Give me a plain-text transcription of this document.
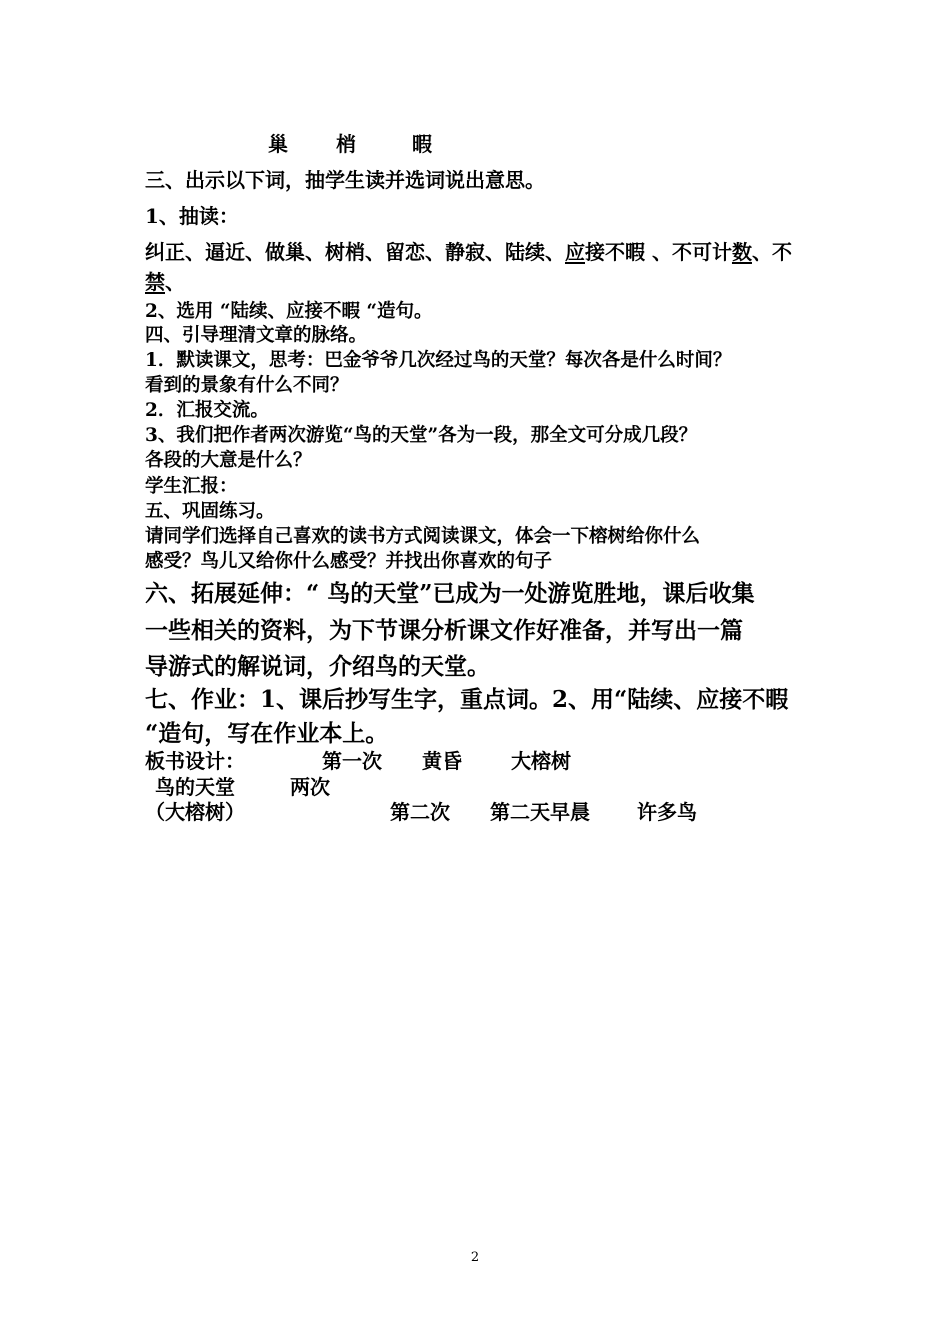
巢 梢	暇
三、出示以下词，抽学生读并选词说出意思。
1、抽读：
纠正、逼近、做巢、树梢、留恋、静寂、陆续、应接不暇 、不可计数、不
禁、
2、选用 “陆续、应接不暇 “造句。
四、引导理清文章的脉络。
1．默读课文，思考：巴金爷爷几次经过鸟的天堂？每次各是什么时间？
看到的景象有什么不同？
2．汇报交流。
3、我们把作者两次游览“鸟的天堂”各为一段，那全文可分成几段？
各段的大意是什么？
学生汇报：
五、巩固练习。
请同学们选择自己喜欢的读书方式阅读课文，体会一下榕树给你什么
感受？鸟儿又给你什么感受？并找出你喜欢的句子
六、拓展延伸：“ 鸟的天堂”已成为一处游览胜地，课后收集
一些相关的资料，为下节课分析课文作好准备，并写出一篇
导游式的解说词，介绍鸟的天堂。
七、作业：1、课后抄写生字，重点词。2、用“陆续、应接不暇
“造句，写在作业本上。
板书设计：	第一次 黄昏 大榕树
鸟的天堂	两次
（大榕树）	第二次 第二天早晨 许多鸟
2
